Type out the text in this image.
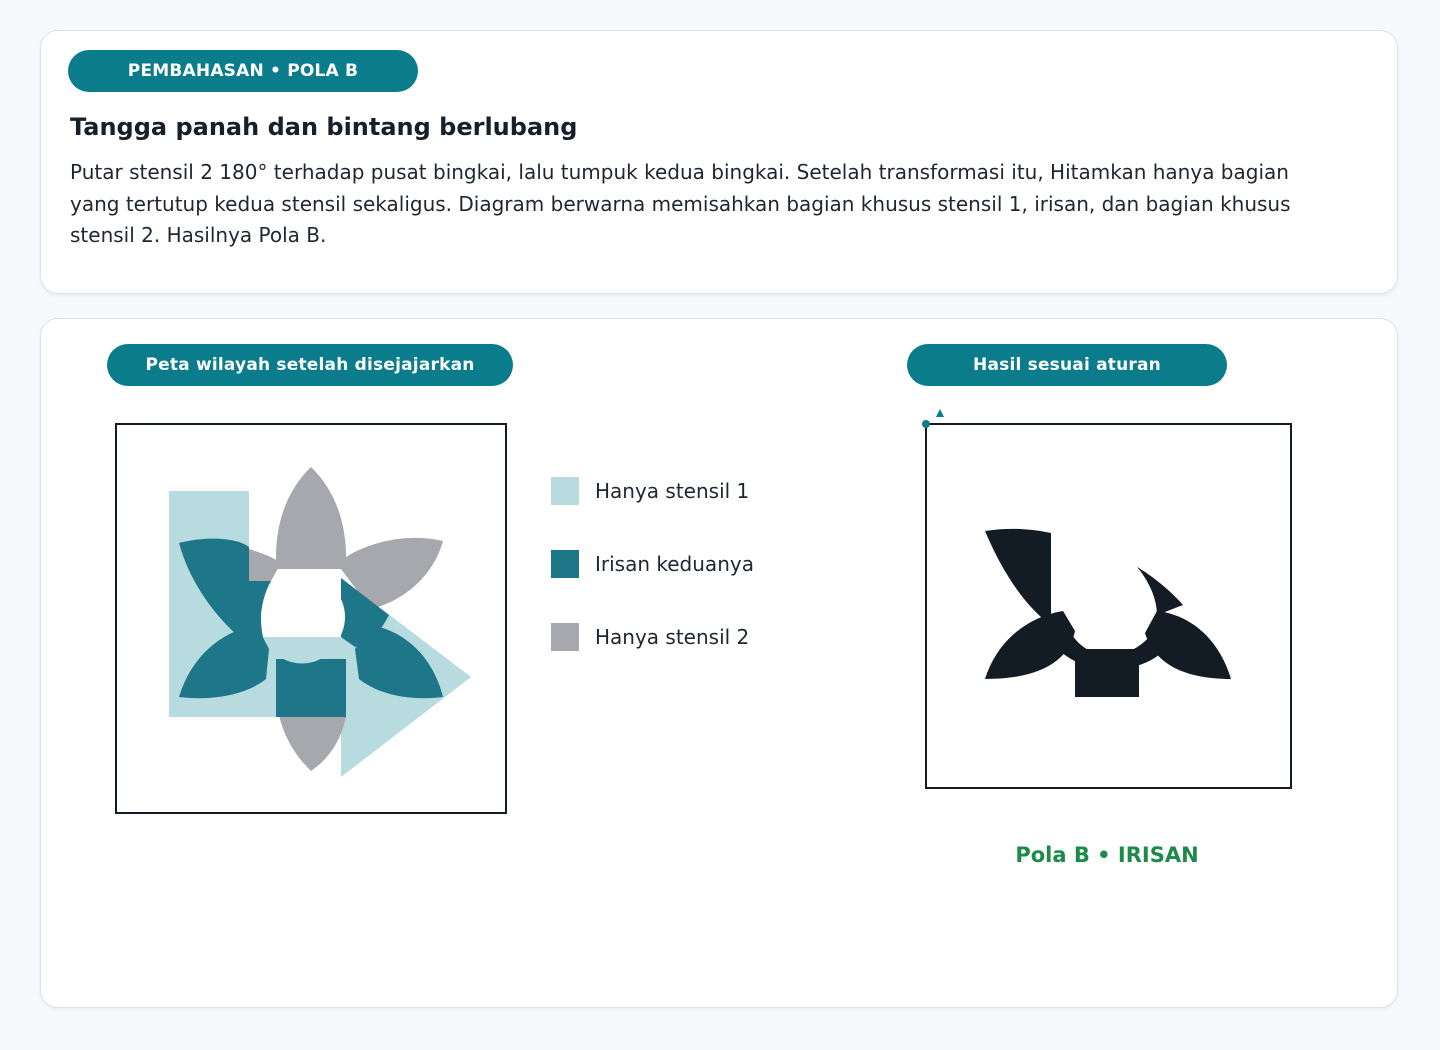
PEMBAHASAN • POLA B
Tangga panah dan bintang berlubang

Putar stensil 2 180° terhadap pusat bingkai, lalu tumpuk kedua bingkai. Setelah transformasi itu, Hitamkan hanya bagian yang tertutup kedua stensil sekaligus. Diagram berwarna memisahkan bagian khusus stensil 1, irisan, dan bagian khusus stensil 2. Hasilnya Pola B.

Peta wilayah setelah disejajarkan	Hasil sesuai aturan
Hanya stensil 1
Irisan keduanya
Hanya stensil 2
Pola B • IRISAN
